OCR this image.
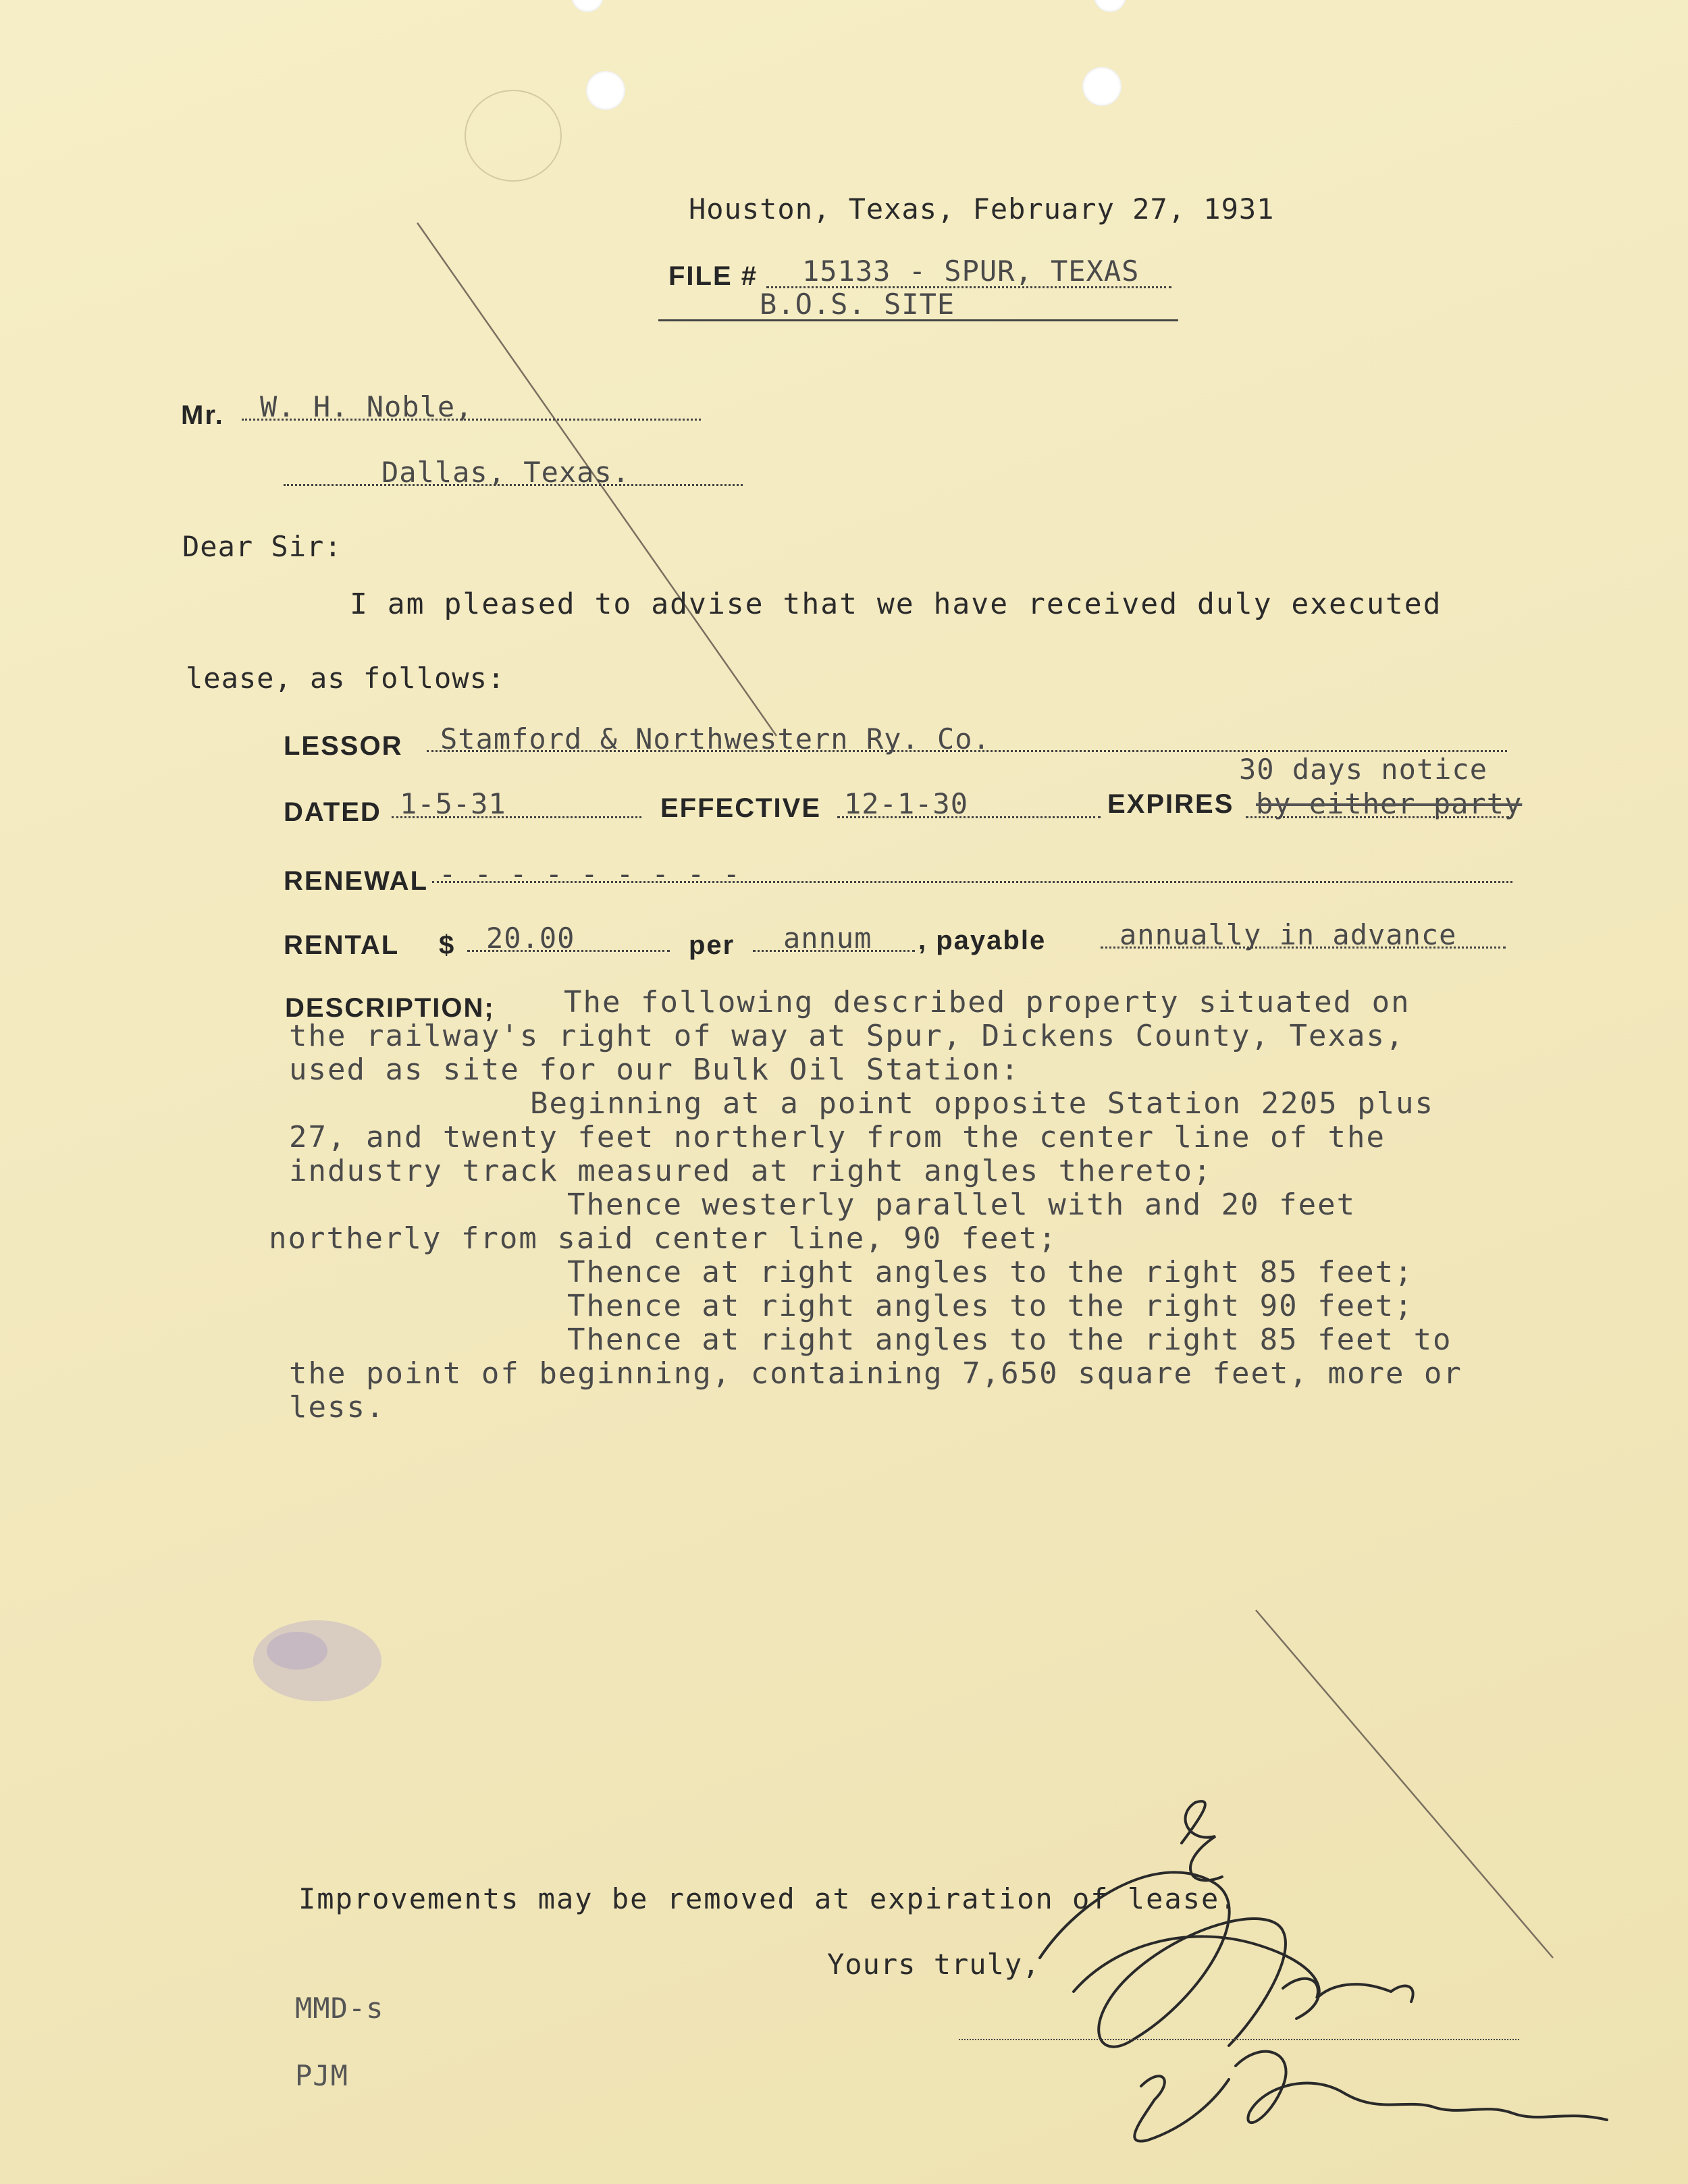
Houston, Texas, February 27, 1931
FILE # 15133 - SPUR, TEXAS
B.O.S. SITE
Mr. W. H. Noble,
Dallas, Texas.
Dear Sir:
I am pleased to advise that we have received duly executed
lease, as follows:
LESSOR Stamford & Northwestern Ry. Co.
30 days notice
DATED 1-5-31	EFFECTIVE 12-1-30	EXPIRES by either party
RENEWAL - - - - - - - - -
RENTAL $ 20.00	per annum , payable	annually in advance
DESCRIPTION; The following described property situated on
the railway's right of way at Spur, Dickens County, Texas,
used as site for our Bulk Oil Station:
Beginning at a point opposite Station 2205 plus
27, and twenty feet northerly from the center line of the
industry track measured at right angles thereto;
Thence westerly parallel with and 20 feet
northerly from said center line, 90 feet;
Thence at right angles to the right 85 feet;
Thence at right angles to the right 90 feet;
Thence at right angles to the right 85 feet to
the point of beginning, containing 7,650 square feet, more or
less.
Improvements may be removed at expiration of lease.
Yours truly,
MMD-s
PJM
